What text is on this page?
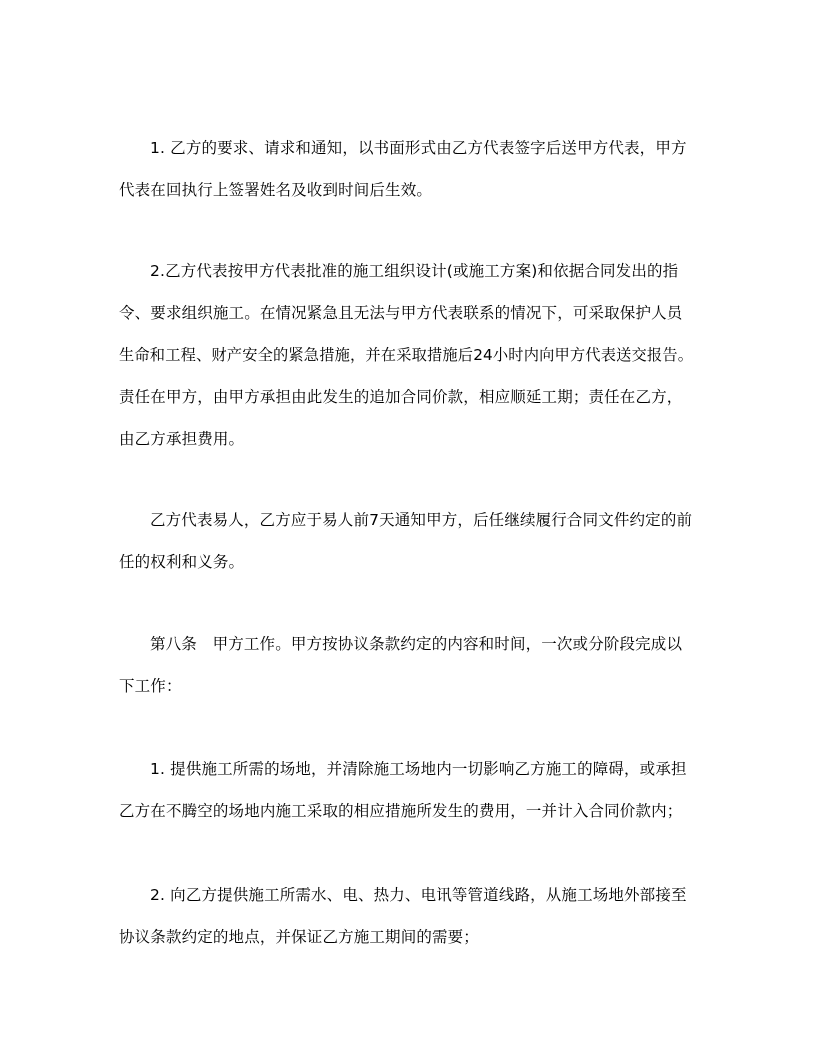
1. 乙方的要求、请求和通知，以书面形式由乙方代表签字后送甲方代表，甲方
代表在回执行上签署姓名及收到时间后生效。
2.乙方代表按甲方代表批准的施工组织设计(或施工方案)和依据合同发出的指
令、要求组织施工。在情况紧急且无法与甲方代表联系的情况下，可采取保护人员
生命和工程、财产安全的紧急措施，并在采取措施后24小时内向甲方代表送交报告。
责任在甲方，由甲方承担由此发生的追加合同价款，相应顺延工期；责任在乙方，
由乙方承担费用。
乙方代表易人，乙方应于易人前7天通知甲方，后任继续履行合同文件约定的前
任的权利和义务。
第八条　甲方工作。甲方按协议条款约定的内容和时间，一次或分阶段完成以
下工作：
1. 提供施工所需的场地，并清除施工场地内一切影响乙方施工的障碍，或承担
乙方在不腾空的场地内施工采取的相应措施所发生的费用，一并计入合同价款内；
2. 向乙方提供施工所需水、电、热力、电讯等管道线路，从施工场地外部接至
协议条款约定的地点，并保证乙方施工期间的需要；
